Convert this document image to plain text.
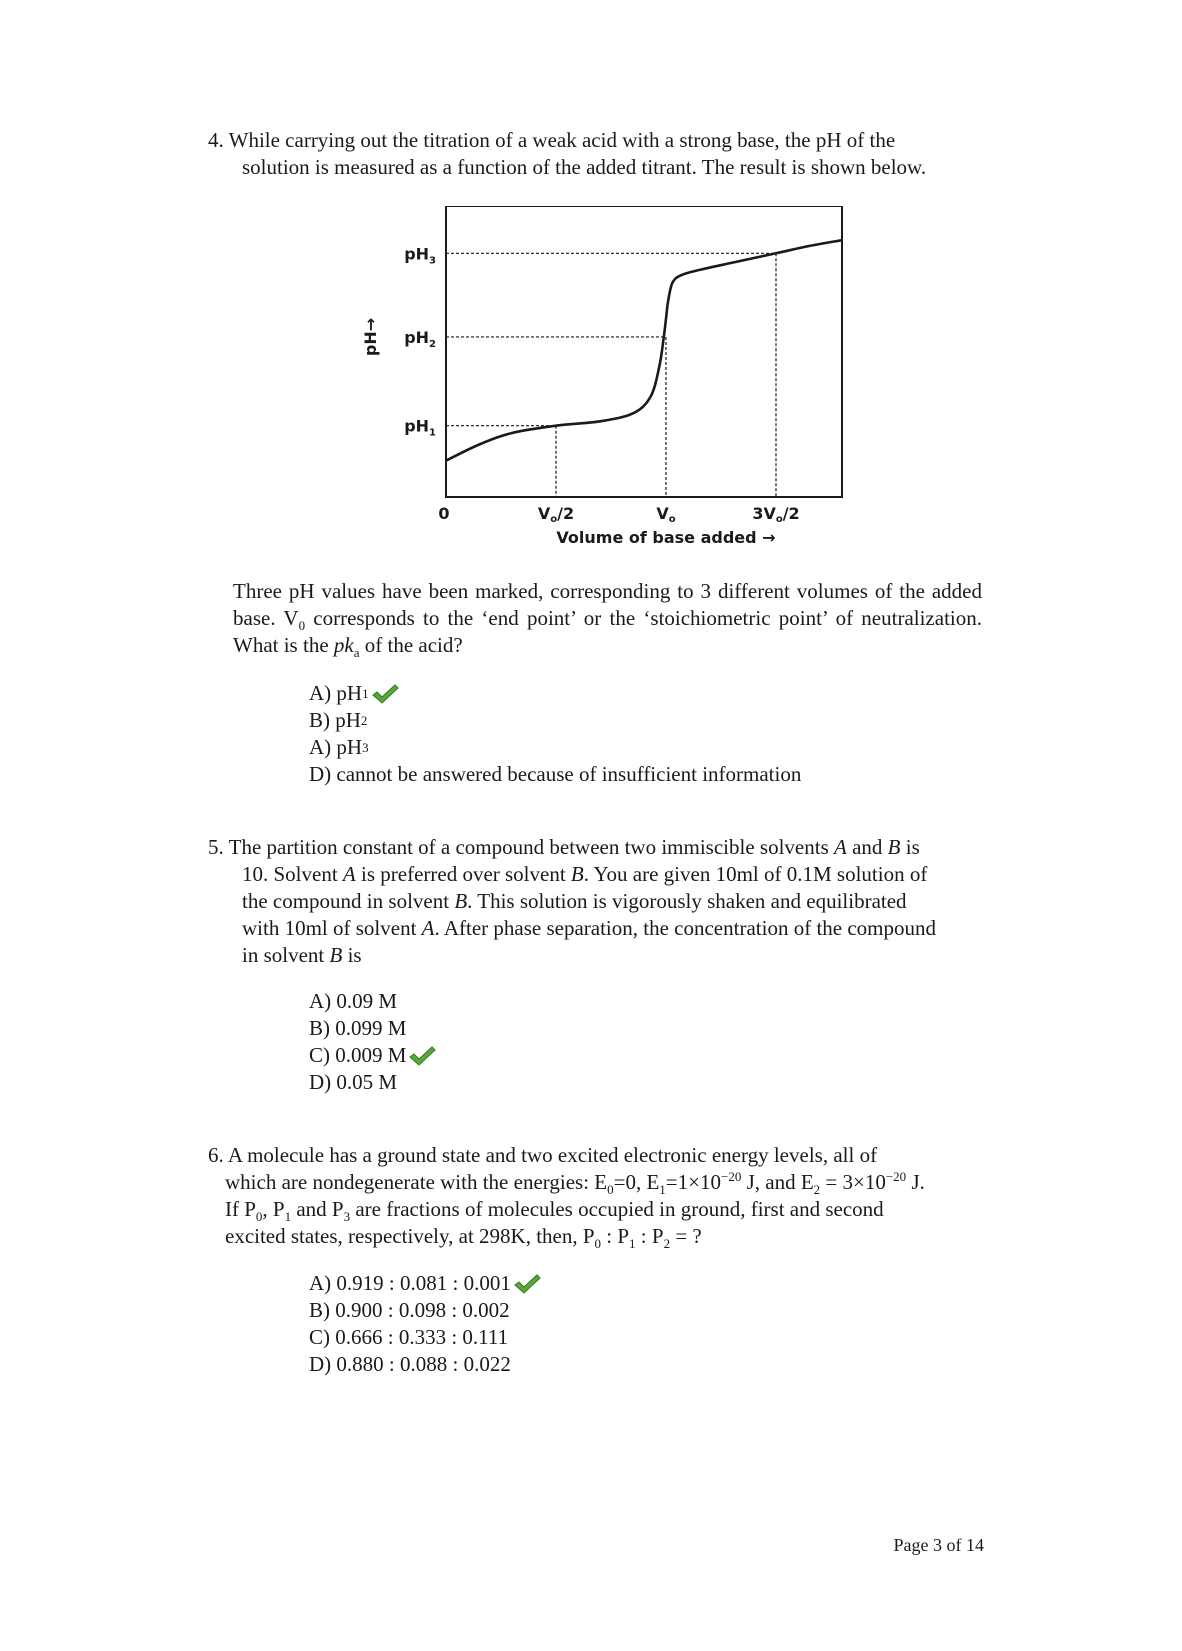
4. While carrying out the titration of a weak acid with a strong base, the pH of the
solution is measured as a function of the added titrant. The result is shown below.
$pH_3$
$pH_2$
$pH_1$
0	Vo/2	Vo	3Vo/2
Volume of base added →
pH→
Three pH values have been marked, corresponding to 3 different volumes of the added base. $V_0$ corresponds to the ‘end point’ or the ‘stoichiometric point’ of neutralization. What is the $pk_a$ of the acid?
A) pH 1
B) pH 2
A) pH 3
D) cannot be answered because of insufficient information
5. The partition constant of a compound between two immiscible solvents A and B is
10. Solvent A is preferred over solvent B. You are given 10ml of 0.1M solution of
the compound in solvent B. This solution is vigorously shaken and equilibrated
with 10ml of solvent A. After phase separation, the concentration of the compound
in solvent B is
A) 0.09 M
B) 0.099 M
C) 0.009 M
D) 0.05 M
6. A molecule has a ground state and two excited electronic energy levels, all of
which are nondegenerate with the energies: $E_0=0$, $E_1=1\times 10^{-20}$ J, and $E_2 = 3\times 10^{-20}$ J.
If $P_0$, $P_1$ and $P_3$ are fractions of molecules occupied in ground, first and second
excited states, respectively, at 298K, then, $P_0$ : $P_1$ : $P_2$ = ?
A) 0.919 : 0.081 : 0.001
B) 0.900 : 0.098 : 0.002
C) 0.666 : 0.333 : 0.111
D) 0.880 : 0.088 : 0.022
Page 3 of 14
